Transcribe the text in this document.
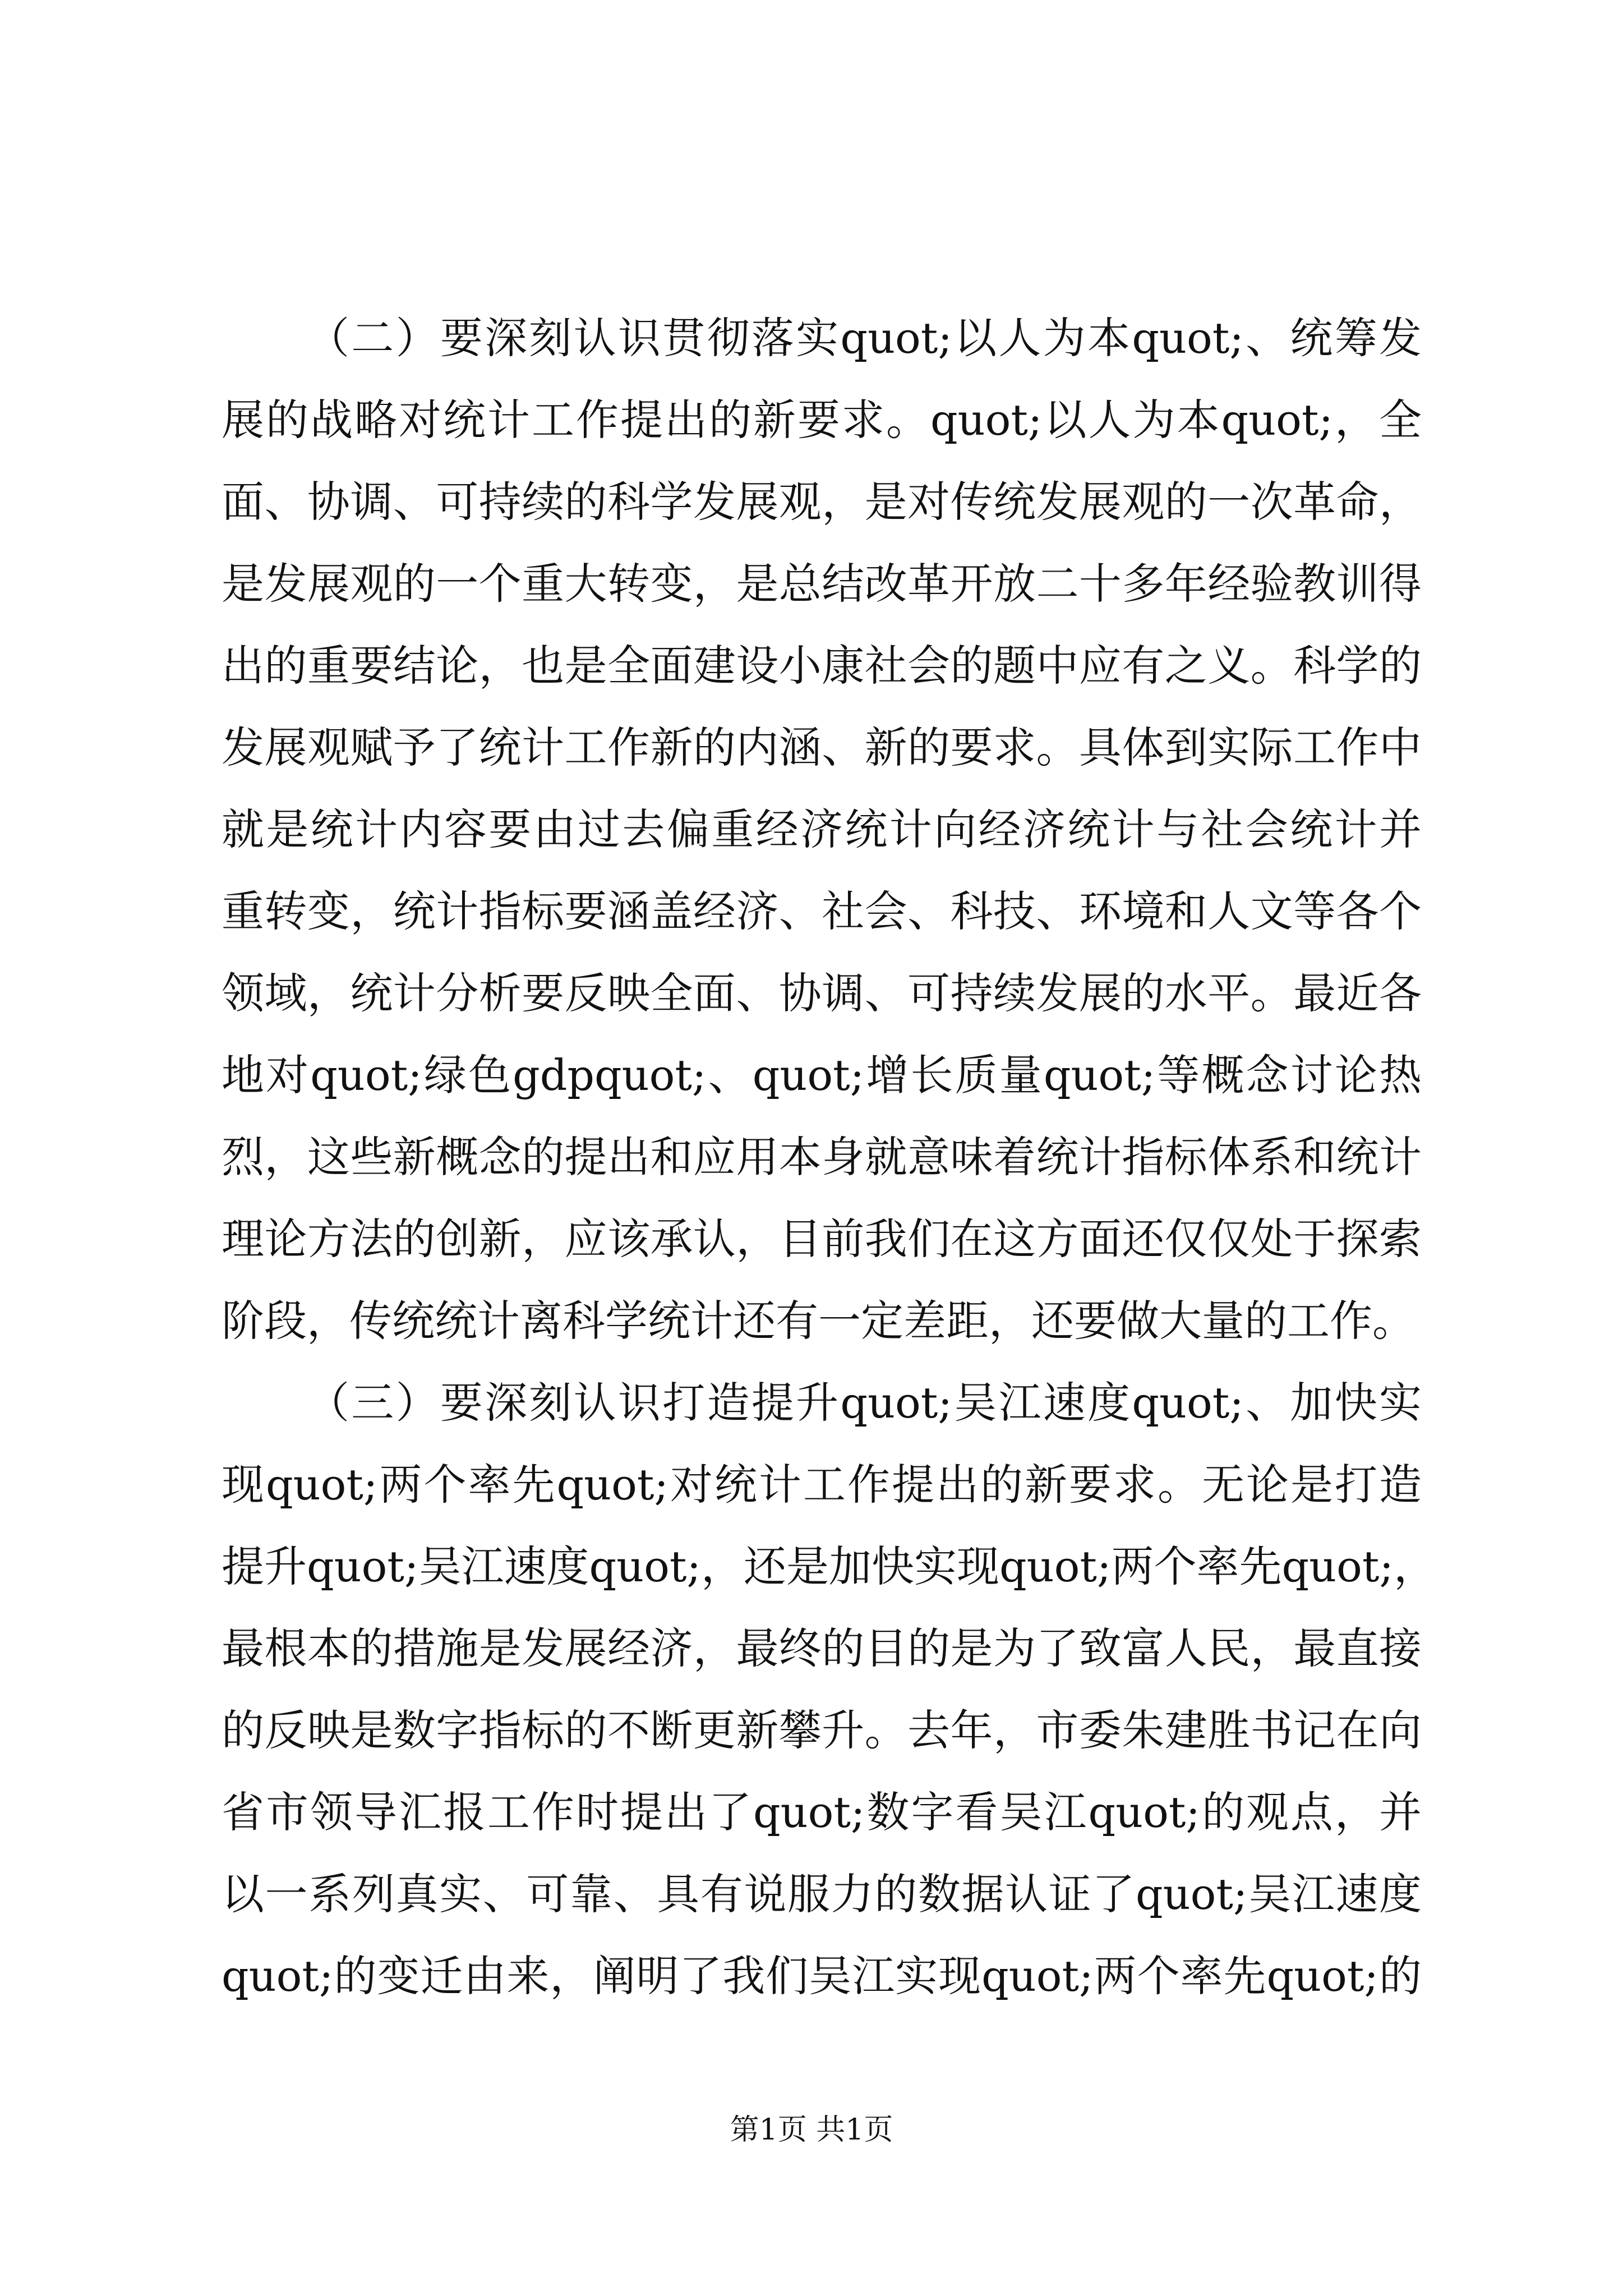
（二）要深刻认识贯彻落实quot;以人为本quot;、统筹发
展的战略对统计工作提出的新要求。quot;以人为本quot;，全
面、协调、可持续的科学发展观，是对传统发展观的一次革命，
是发展观的一个重大转变，是总结改革开放二十多年经验教训得
出的重要结论，也是全面建设小康社会的题中应有之义。科学的
发展观赋予了统计工作新的内涵、新的要求。具体到实际工作中
就是统计内容要由过去偏重经济统计向经济统计与社会统计并
重转变，统计指标要涵盖经济、社会、科技、环境和人文等各个
领域，统计分析要反映全面、协调、可持续发展的水平。最近各
地对quot;绿色gdpquot;、quot;增长质量quot;等概念讨论热
烈，这些新概念的提出和应用本身就意味着统计指标体系和统计
理论方法的创新，应该承认，目前我们在这方面还仅仅处于探索
阶段，传统统计离科学统计还有一定差距，还要做大量的工作。
（三）要深刻认识打造提升quot;吴江速度quot;、加快实
现quot;两个率先quot;对统计工作提出的新要求。无论是打造
提升quot;吴江速度quot;，还是加快实现quot;两个率先quot;，
最根本的措施是发展经济，最终的目的是为了致富人民，最直接
的反映是数字指标的不断更新攀升。去年，市委朱建胜书记在向
省市领导汇报工作时提出了quot;数字看吴江quot;的观点，并
以一系列真实、可靠、具有说服力的数据认证了quot;吴江速度
quot;的变迁由来，阐明了我们吴江实现quot;两个率先quot;的
第1页 共1页
